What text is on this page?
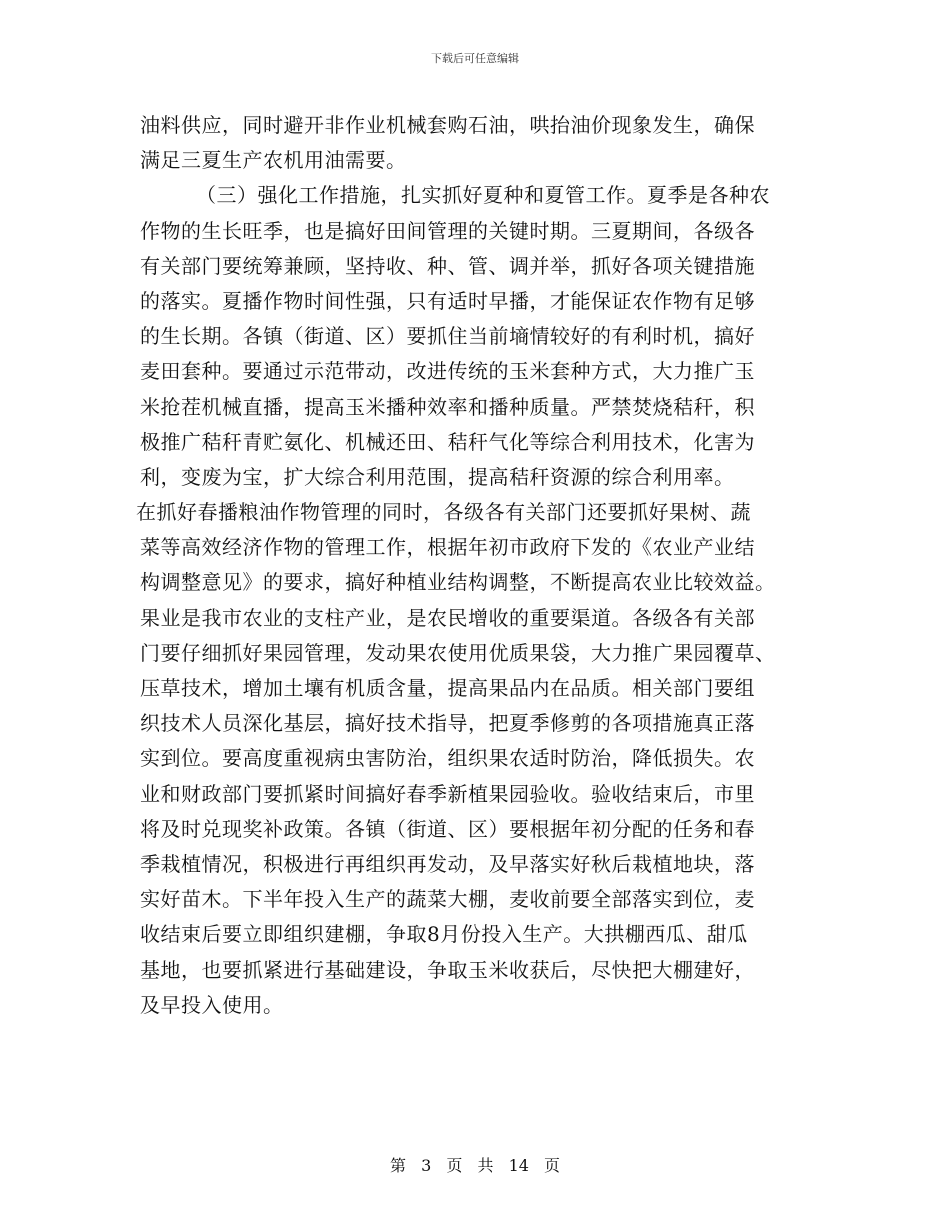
下载后可任意编辑
油料供应，同时避开非作业机械套购石油，哄抬油价现象发生，确保
满足三夏生产农机用油需要。
（三）强化工作措施，扎实抓好夏种和夏管工作。夏季是各种农
作物的生长旺季，也是搞好田间管理的关键时期。三夏期间，各级各
有关部门要统筹兼顾，坚持收、种、管、调并举，抓好各项关键措施
的落实。夏播作物时间性强，只有适时早播，才能保证农作物有足够
的生长期。各镇（街道、区）要抓住当前墒情较好的有利时机，搞好
麦田套种。要通过示范带动，改进传统的玉米套种方式，大力推广玉
米抢茬机械直播，提高玉米播种效率和播种质量。严禁焚烧秸秆，积
极推广秸秆青贮氨化、机械还田、秸秆气化等综合利用技术，化害为
利，变废为宝，扩大综合利用范围，提高秸秆资源的综合利用率。
在抓好春播粮油作物管理的同时，各级各有关部门还要抓好果树、蔬
菜等高效经济作物的管理工作，根据年初市政府下发的《农业产业结
构调整意见》的要求，搞好种植业结构调整，不断提高农业比较效益。
果业是我市农业的支柱产业，是农民增收的重要渠道。各级各有关部
门要仔细抓好果园管理，发动果农使用优质果袋，大力推广果园覆草、
压草技术，增加土壤有机质含量，提高果品内在品质。相关部门要组
织技术人员深化基层，搞好技术指导，把夏季修剪的各项措施真正落
实到位。要高度重视病虫害防治，组织果农适时防治，降低损失。农
业和财政部门要抓紧时间搞好春季新植果园验收。验收结束后，市里
将及时兑现奖补政策。各镇（街道、区）要根据年初分配的任务和春
季栽植情况，积极进行再组织再发动，及早落实好秋后栽植地块，落
实好苗木。下半年投入生产的蔬菜大棚，麦收前要全部落实到位，麦
收结束后要立即组织建棚，争取8月份投入生产。大拱棚西瓜、甜瓜
基地，也要抓紧进行基础建设，争取玉米收获后，尽快把大棚建好，
及早投入使用。
第 3 页 共 14 页
